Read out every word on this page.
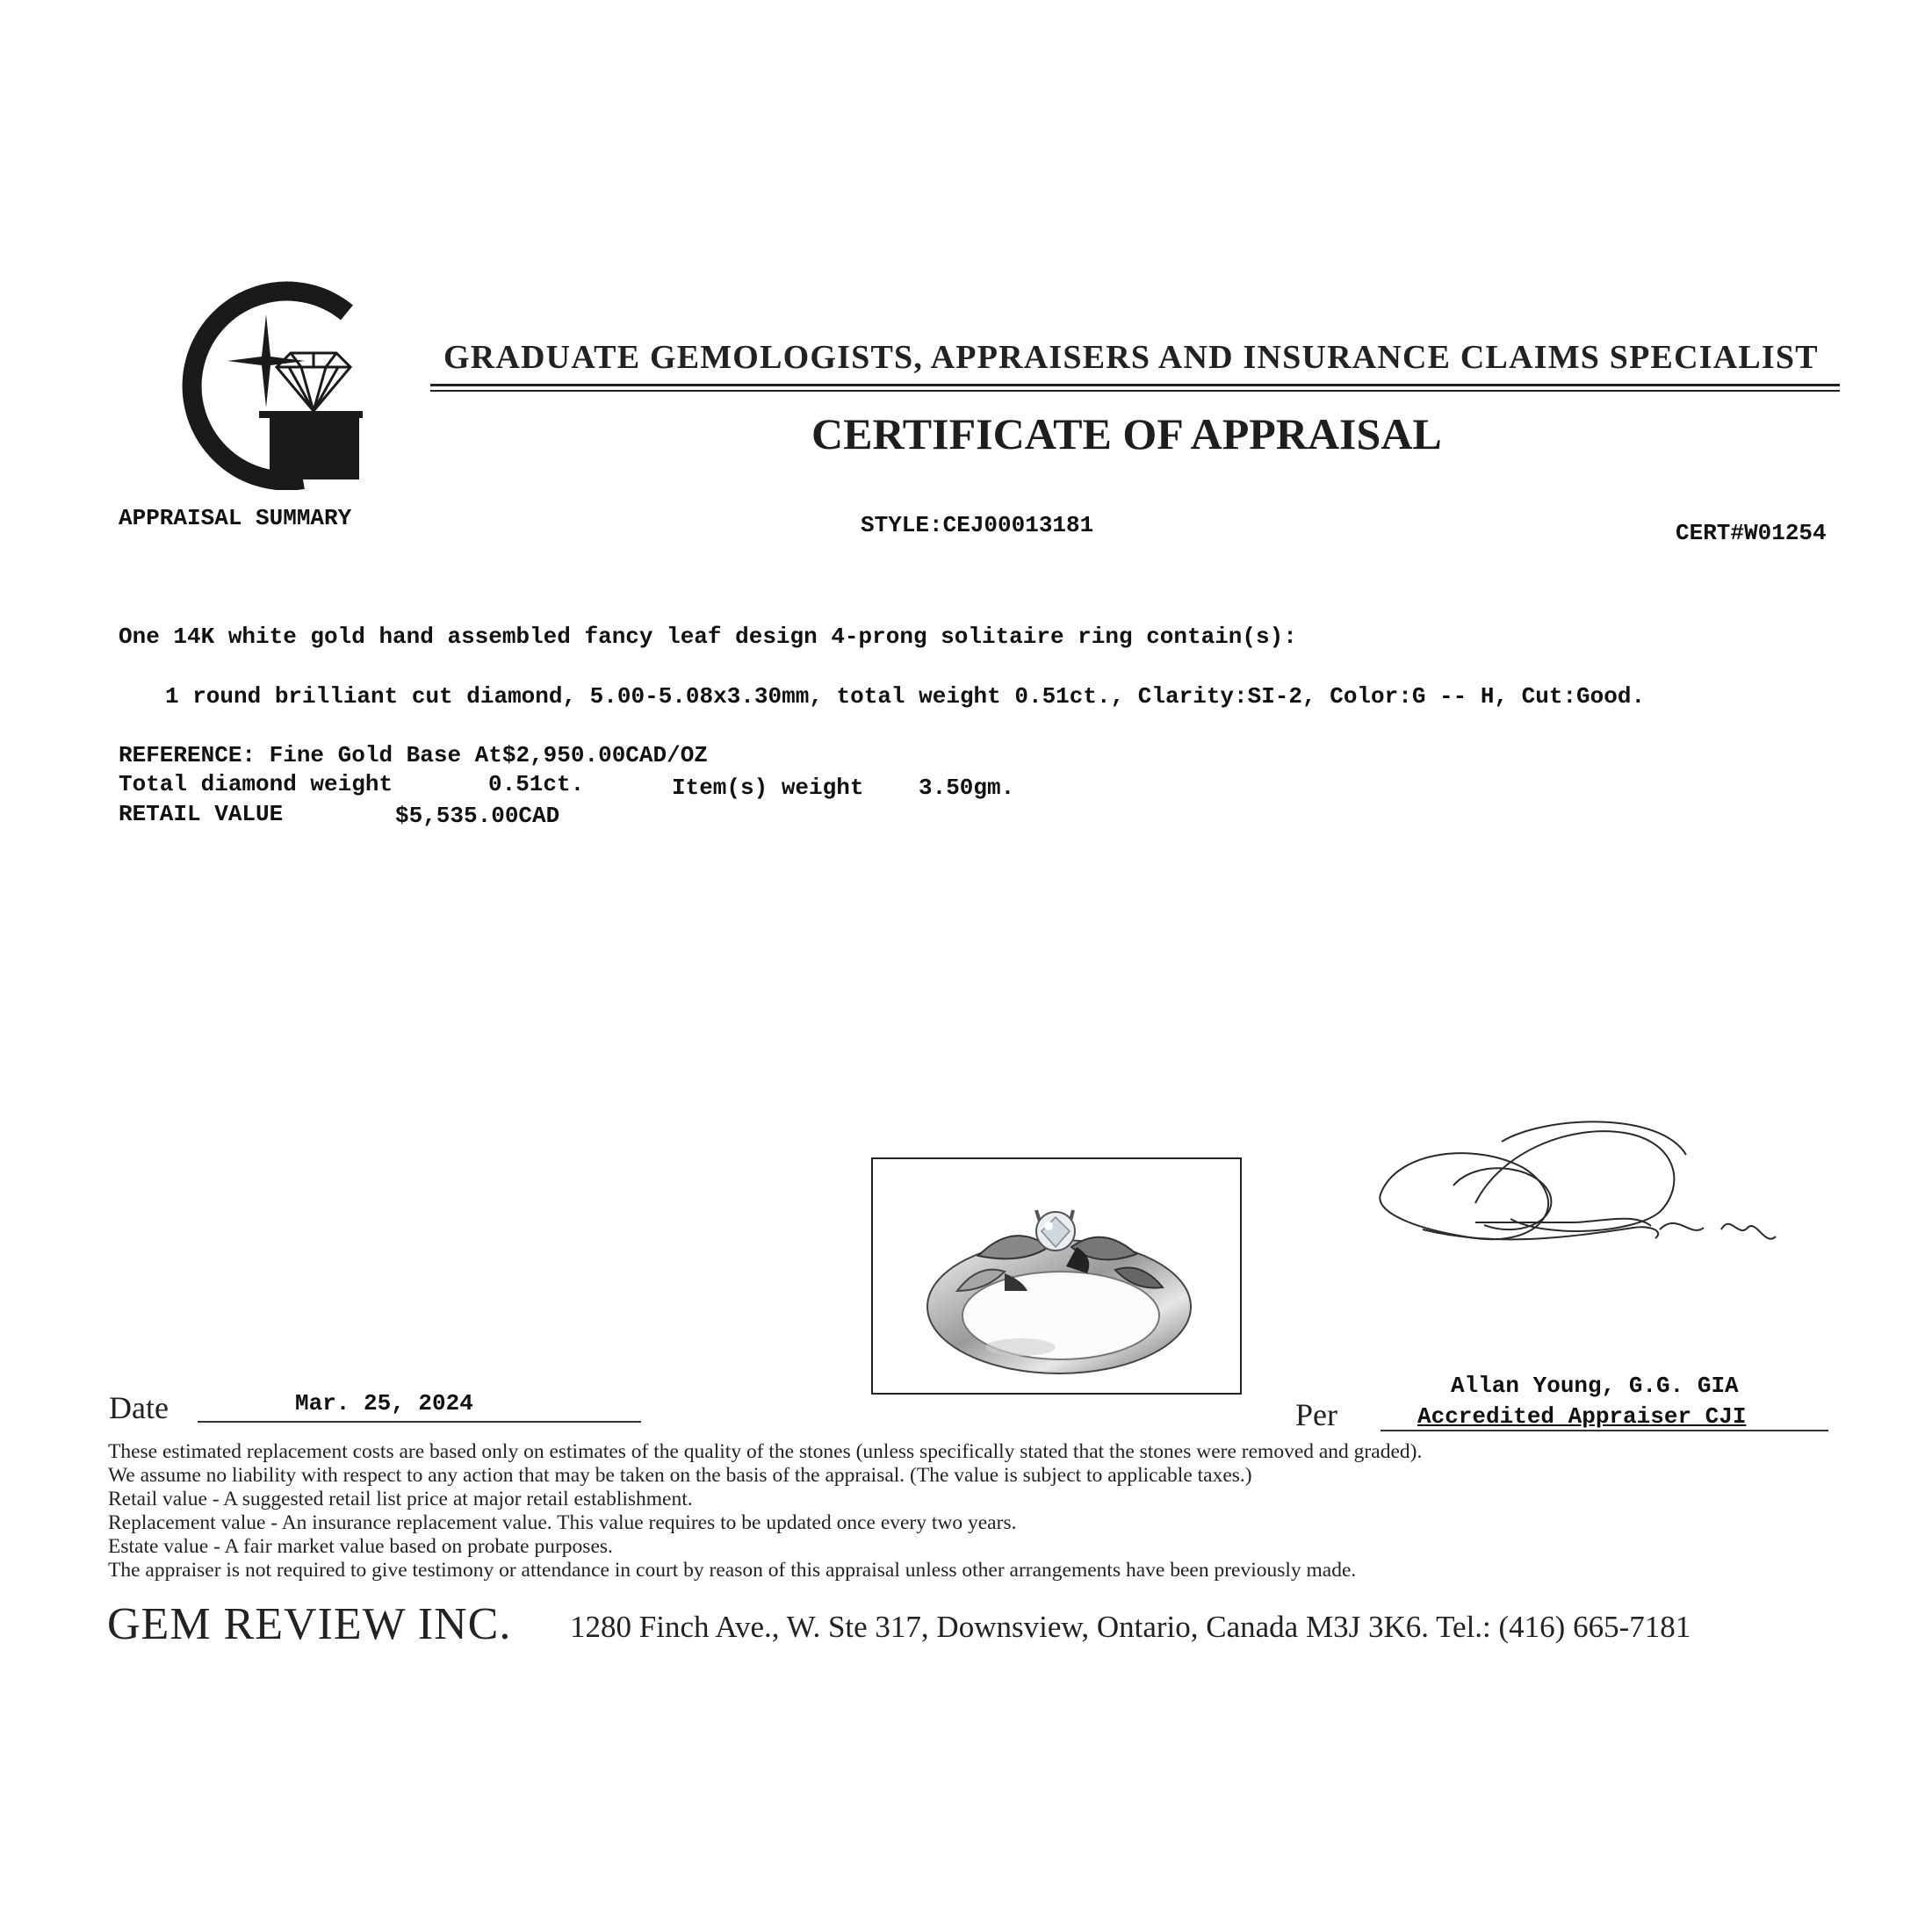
GRADUATE GEMOLOGISTS, APPRAISERS AND INSURANCE CLAIMS SPECIALIST
CERTIFICATE OF APPRAISAL
APPRAISAL SUMMARY	STYLE:CEJ00013181	CERT#W01254
One 14K white gold hand assembled fancy leaf design 4-prong solitaire ring contain(s):
1 round brilliant cut diamond, 5.00-5.08x3.30mm, total weight 0.51ct., Clarity:SI-2, Color:G -- H, Cut:Good.
REFERENCE: Fine Gold Base At$2,950.00CAD/OZ
Total diamond weight	0.51ct.	Item(s) weight 3.50gm.
RETAIL VALUE	$5,535.00CAD
Date	Mar. 25, 2024	Per
Allan Young, G.G. GIA
Accredited Appraiser CJI
These estimated replacement costs are based only on estimates of the quality of the stones (unless specifically stated that the stones were removed and graded).
We assume no liability with respect to any action that may be taken on the basis of the appraisal. (The value is subject to applicable taxes.)
Retail value - A suggested retail list price at major retail establishment.
Replacement value - An insurance replacement value. This value requires to be updated once every two years.
Estate value - A fair market value based on probate purposes.
The appraiser is not required to give testimony or attendance in court by reason of this appraisal unless other arrangements have been previously made.
GEM REVIEW INC. 1280 Finch Ave., W. Ste 317, Downsview, Ontario, Canada M3J 3K6. Tel.: (416) 665-7181
